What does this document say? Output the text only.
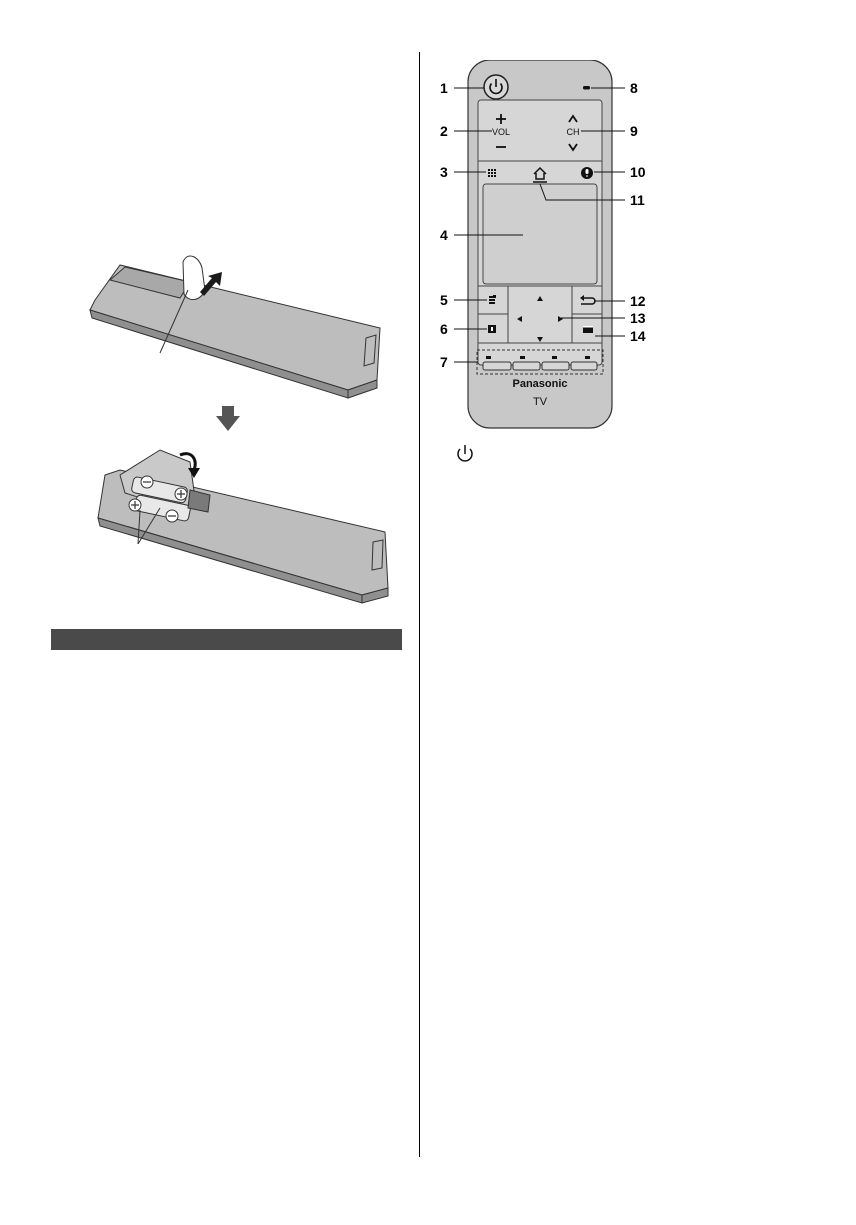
VOL	CH
Panasonic
TV
1
2
3
4
5
6
7
8
9
10
11
12
13
14
